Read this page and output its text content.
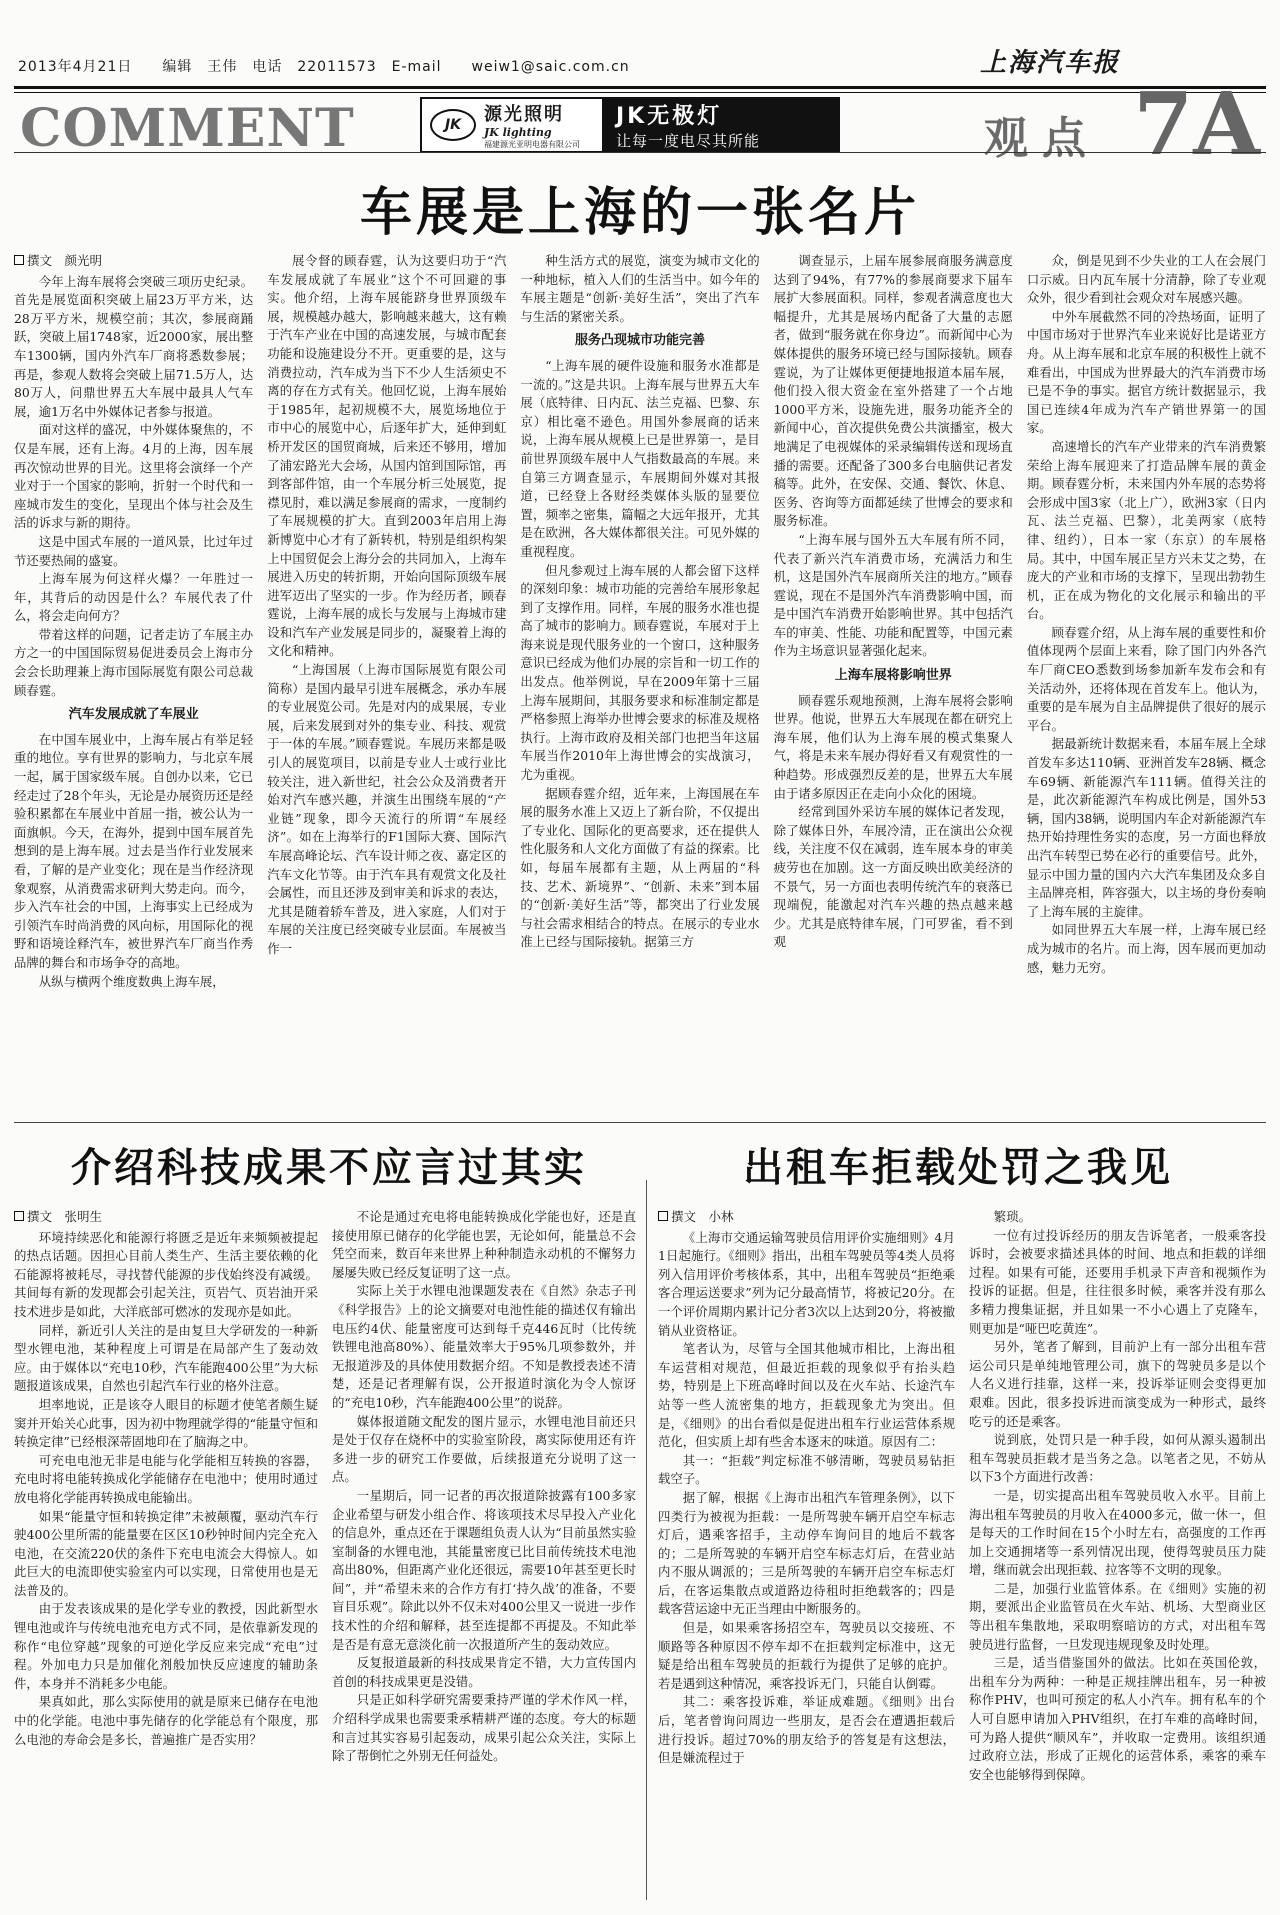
2013年4月21日　　编辑　王伟　电话　22011573　E-mail　　weiw1@saic.com.cn	上海汽车报
COMMENT	JK	源光照明
JK lighting
福建源光亚明电器有限公司
JK无极灯
让每一度电尽其所能	观点 7A
车展是上海的一张名片
介绍科技成果不应言过其实	出租车拒载处罚之我见
撰文　 颜光明

今年上海车展将会突破三项历史纪录。首先是展览面积突破上届23万平方米，达28万平方米，规模空前；其次，参展商踊跃，突破上届1748家，近2000家，展出整车1300辆，国内外汽车厂商将悉数参展；再是，参观人数将会突破上届71.5万人，达80万人，问鼎世界五大车展中最具人气车展，逾1万名中外媒体记者参与报道。

面对这样的盛况，中外媒体聚焦的，不仅是车展，还有上海。4月的上海，因车展再次惊动世界的目光。这里将会演绎一个产业对于一个国家的影响，折射一个时代和一座城市发生的变化，呈现出个体与社会及生活的诉求与新的期待。

这是中国式车展的一道风景，比过年过节还要热闹的盛宴。

上海车展为何这样火爆？一年胜过一年，其背后的动因是什么？车展代表了什么，将会走向何方？

带着这样的问题，记者走访了车展主办方之一的中国国际贸易促进委员会上海市分会会长助理兼上海市国际展览有限公司总裁顾春霆。

汽车发展成就了车展业

在中国车展业中，上海车展占有举足轻重的地位。享有世界的影响力，与北京车展一起，属于国家级车展。自创办以来，它已经走过了28个年头，无论是办展资历还是经验积累都在车展业中首屈一指，被公认为一面旗帜。今天，在海外，提到中国车展首先想到的是上海车展。过去是当作行业发展来看，了解的是产业变化；现在是当作经济现象观察，从消费需求研判大势走向。而今，步入汽车社会的中国，上海事实上已经成为引领汽车时尚消费的风向标，用国际化的视野和语境诠释汽车，被世界汽车厂商当作秀品牌的舞台和市场争夺的高地。

从纵与横两个维度数典上海车展，

展令督的顾春霆，认为这要归功于“汽车发展成就了车展业”这个不可回避的事实。他介绍，上海车展能跻身世界顶级车展，规模越办越大，影响越来越大，这有赖于汽车产业在中国的高速发展，与城市配套功能和设施建设分不开。更重要的是，这与消费拉动，汽车成为当下不少人生活须史不离的存在方式有关。他回忆说，上海车展始于1985年，起初规模不大，展览场地位于市中心的展览中心，后逐年扩大，延伸到虹桥开发区的国贸商城，后来还不够用，增加了浦宏路光大会场，从国内馆到国际馆，再到客部件馆，由一个车展分析三处展览，捉襟见肘，难以满足参展商的需求，一度制约了车展规模的扩大。直到2003年启用上海新博览中心才有了新转机，特别是组织构架上中国贸促会上海分会的共同加入，上海车展进入历史的转折期，开始向国际顶级车展进军迈出了坚实的一步。作为经历者，顾春霆说，上海车展的成长与发展与上海城市建设和汽车产业发展是同步的，凝聚着上海的文化和精神。

“上海国展（上海市国际展览有限公司简称）是国内最早引进车展概念，承办车展的专业展览公司。先是对内的成果展，专业展，后来发展到对外的集专业、科技、观赏于一体的车展。”顾春霆说。车展历来都是吸引人的展览项目，以前是专业人士或行业比较关注，进入新世纪，社会公众及消费者开始对汽车感兴趣，并演生出围绕车展的“产业链”现象，即今天流行的所谓“车展经济”。如在上海举行的F1国际大赛、国际汽车展高峰论坛、汽车设计师之夜、嘉定区的汽车文化节等。由于汽车具有观赏文化及社会属性，而且还涉及到审美和诉求的表达，尤其是随着轿车普及，进入家庭，人们对于车展的关注度已经突破专业层面。车展被当作一

种生活方式的展览，演变为城市文化的一种地标，植入人们的生活当中。如今年的车展主题是“创新·美好生活”，突出了汽车与生活的紧密关系。

服务凸现城市功能完善

“上海车展的硬件设施和服务水准都是一流的。”这是共识。上海车展与世界五大车展（底特律、日内瓦、法兰克福、巴黎、东京）相比毫不逊色。用国外参展商的话来说，上海车展从规模上已是世界第一，是目前世界顶级车展中人气指数最高的车展。来自第三方调查显示，车展期间外媒对其报道，已经登上各财经类媒体头版的显要位置，频率之密集，篇幅之大远年报开，尤其是在欧洲，各大媒体都很关注。可见外媒的重视程度。

但凡参观过上海车展的人都会留下这样的深刻印象：城市功能的完善给车展形象起到了支撑作用。同样，车展的服务水准也提高了城市的影响力。顾春霆说，车展对于上海来说是现代服务业的一个窗口，这种服务意识已经成为他们办展的宗旨和一切工作的出发点。他举例说，早在2009年第十三届上海车展期间，其服务要求和标准制定都是严格参照上海举办世博会要求的标准及规格执行。上海市政府及相关部门也把当年这届车展当作2010年上海世博会的实战演习，尤为重视。

据顾春霆介绍，近年来，上海国展在车展的服务水准上又迈上了新台阶，不仅提出了专业化、国际化的更高要求，还在提供人性化服务和人文化方面做了有益的探索。比如，每届车展都有主题，从上两届的“科技、艺术、新境界”、“创新、未来”到本届的“创新·美好生活”等，都突出了行业发展与社会需求相结合的特点。在展示的专业水准上已经与国际接轨。据第三方

调查显示，上届车展参展商服务满意度达到了94%，有77%的参展商要求下届车展扩大参展面积。同样，参观者满意度也大幅提升，尤其是展场内配备了大量的志愿者，做到“服务就在你身边”。而新闻中心为媒体提供的服务环境已经与国际接轨。顾春霆说，为了让媒体更便捷地报道本届车展，他们投入很大资金在室外搭建了一个占地1000平方米，设施先进，服务功能齐全的新闻中心，首次提供免费公共演播室，极大地满足了电视媒体的采录编辑传送和现场直播的需要。还配备了300多台电脑供记者发稿等。此外，在安保、交通、餐饮、休息、医务、咨询等方面都延续了世博会的要求和服务标准。

“上海车展与国外五大车展有所不同，代表了新兴汽车消费市场，充满活力和生机，这是国外汽车展商所关注的地方。”顾春霆说，现在不是国外汽车消费影响中国，而是中国汽车消费开始影响世界。其中包括汽车的审美、性能、功能和配置等，中国元素作为主场意识显著强化起来。

上海车展将影响世界

顾春霆乐观地预测，上海车展将会影响世界。他说，世界五大车展现在都在研究上海车展，他们认为上海车展的模式集聚人气，将是未来车展办得好看又有观赏性的一种趋势。形成强烈反差的是，世界五大车展由于诸多原因正在走向小众化的困境。

经常到国外采访车展的媒体记者发现，除了媒体日外，车展冷清，正在演出公众视线，关注度不仅在减弱，连车展本身的审美疲劳也在加剧。这一方面反映出欧美经济的不景气，另一方面也表明传统汽车的衰落已现端倪，能激起对汽车兴趣的热点越来越少。尤其是底特律车展，门可罗雀，看不到观

众，倒是见到不少失业的工人在会展门口示威。日内瓦车展十分清静，除了专业观众外，很少看到社会观众对车展感兴趣。

中外车展截然不同的冷热场面，证明了中国市场对于世界汽车业来说好比是诺亚方舟。从上海车展和北京车展的积极性上就不难看出，中国成为世界最大的汽车消费市场已是不争的事实。据官方统计数据显示，我国已连续4年成为汽车产销世界第一的国家。

高速增长的汽车产业带来的汽车消费繁荣给上海车展迎来了打造品牌车展的黄金期。顾春霆分析，未来国内外车展的态势将会形成中国3家（北上广），欧洲3家（日内瓦、法兰克福、巴黎），北美两家（底特律、纽约），日本一家（东京）的车展格局。其中，中国车展正呈方兴未艾之势，在庞大的产业和市场的支撑下，呈现出勃勃生机，正在成为物化的文化展示和输出的平台。

顾春霆介绍，从上海车展的重要性和价值体现两个层面上来看，除了国门内外各汽车厂商CEO悉数到场参加新车发布会和有关活动外，还将体现在首发车上。他认为，重要的是车展为自主品牌提供了很好的展示平台。

据最新统计数据来看，本届车展上全球首发车多达110辆、亚洲首发车28辆、概念车69辆、新能源汽车111辆。值得关注的是，此次新能源汽车构成比例是，国外53辆，国内38辆，说明国内车企对新能源汽车热开始持理性务实的态度，另一方面也释放出汽车转型已势在必行的重要信号。此外，显示中国力量的国内六大汽车集团及众多自主品牌亮相，阵容强大，以主场的身份奏响了上海车展的主旋律。

如同世界五大车展一样，上海车展已经成为城市的名片。而上海，因车展而更加动感，魅力无穷。

撰文　 张明生

环境持续恶化和能源行将匮乏是近年来频频被提起的热点话题。因担心目前人类生产、生活主要依赖的化石能源将被耗尽，寻找替代能源的步伐始终没有减缓。其间每有新的发现都会引起关注，页岩气、页岩油开采技术进步是如此，大洋底部可燃冰的发现亦是如此。

同样，新近引人关注的是由复旦大学研发的一种新型水锂电池，某种程度上可谓是在局部产生了轰动效应。由于媒体以“充电10秒，汽车能跑400公里”为大标题报道该成果，自然也引起汽车行业的格外注意。

坦率地说，正是该夺人眼目的标题才使笔者颇生疑窦并开始关心此事，因为初中物理就学得的“能量守恒和转换定律”已经根深蒂固地印在了脑海之中。

可充电电池无非是电能与化学能相互转换的容器，充电时将电能转换成化学能储存在电池中；使用时通过放电将化学能再转换成电能输出。

如果“能量守恒和转换定律”未被颠覆，驱动汽车行驶400公里所需的能量要在区区10秒钟时间内完全充入电池，在交流220伏的条件下充电电流会大得惊人。如此巨大的电流即使实验室内可以实现，日常使用也是无法普及的。

由于发表该成果的是化学专业的教授，因此新型水锂电池或许与传统电池充电方式不同，是依靠新发现的称作“电位穿越”现象的可逆化学反应来完成“充电”过程。外加电力只是加催化剂般加快反应速度的辅助条件，本身并不消耗多少电能。

果真如此，那么实际使用的就是原来已储存在电池中的化学能。电池中事先储存的化学能总有个限度，那么电池的寿命会是多长，普遍推广是否实用？

不论是通过充电将电能转换成化学能也好，还是直接使用原已储存的化学能也罢，无论如何，能量总不会凭空而来，数百年来世界上种种制造永动机的不懈努力屡屡失败已经反复证明了这一点。

实际上关于水锂电池课题发表在《自然》杂志子刊《科学报告》上的论文摘要对电池性能的描述仅有输出电压约4伏、能量密度可达到每千克446瓦时（比传统铁锂电池高80%）、能量效率大于95%几项参数外，并无报道涉及的具体使用数据介绍。不知是教授表述不清楚，还是记者理解有误，公开报道时演化为令人惊讶的“充电10秒，汽车能跑400公里”的说辞。

媒体报道随文配发的图片显示，水锂电池目前还只是处于仅存在烧杯中的实验室阶段，离实际使用还有许多进一步的研究工作要做，后续报道充分说明了这一点。

一星期后，同一记者的再次报道除披露有100多家企业希望与研发小组合作、将该项技术尽早投入产业化的信息外，重点还在于课题组负责人认为“目前虽然实验室制备的水锂电池，其能量密度已比目前传统技术电池高出80%，但距离产业化还很远，需要10年甚至更长时间”，并“希望未来的合作方有打‘持久战’的准备，不要盲目乐观”。除此以外不仅未对400公里又一说进一步作技术性的介绍和解释，甚至连提都不再提及。不知此举是否是有意无意淡化前一次报道所产生的轰动效应。

反复报道最新的科技成果肯定不错，大力宣传国内首创的科技成果更是没错。

只是正如科学研究需要秉持严谨的学术作风一样，介绍科学成果也需要秉承精耕严谨的态度。夸大的标题和言过其实容易引起轰动，成果引起公众关注，实际上除了帮倒忙之外别无任何益处。

撰文　 小林

《上海市交通运输驾驶员信用评价实施细则》4月1日起施行。《细则》指出，出租车驾驶员等4类人员将列入信用评价考核体系，其中，出租车驾驶员“拒绝乘客合理运送要求”列为记分最高情节，将被记20分。在一个评价周期内累计记分者3次以上达到20分，将被撤销从业资格证。

笔者认为，尽管与全国其他城市相比，上海出租车运营相对规范，但最近拒载的现象似乎有抬头趋势，特别是上下班高峰时间以及在火车站、长途汽车站等一些人流密集的地方，拒载现象尤为突出。但是，《细则》的出台看似是促进出租车行业运营体系规范化，但实质上却有些舍本逐末的味道。原因有二：

其一：“拒载”判定标准不够清晰，驾驶员易钻拒载空子。

据了解，根据《上海市出租汽车管理条例》，以下四类行为被视为拒载：一是所驾驶车辆开启空车标志灯后，遇乘客招手，主动停车询问目的地后不载客的；二是所驾驶的车辆开启空车标志灯后，在营业站内不服从调派的；三是所驾驶的车辆开启空车标志灯后，在客运集散点或道路边待租时拒绝载客的；四是载客营运途中无正当理由中断服务的。

但是，如果乘客扬招空车，驾驶员以交接班、不顺路等各种原因不停车却不在拒载判定标准中，这无疑是给出租车驾驶员的拒载行为提供了足够的庇护。若是遇到这种情况，乘客投诉无门，只能自认倒霉。

其二：乘客投诉难，举证成难题。《细则》出台后，笔者曾询问周边一些朋友，是否会在遭遇拒载后进行投诉。超过70%的朋友给予的答复是有这想法，但是嫌流程过于

繁琐。

一位有过投诉经历的朋友告诉笔者，一般乘客投诉时，会被要求描述具体的时间、地点和拒载的详细过程。如果有可能，还要用手机录下声音和视频作为投诉的证据。但是，往往很多时候，乘客并没有那么多精力搜集证据，并且如果一不小心遇上了克隆车，则更加是“哑巴吃黄连”。

另外，笔者了解到，目前沪上有一部分出租车营运公司只是单纯地管理公司，旗下的驾驶员多是以个人名义进行挂靠，这样一来，投诉举证则会变得更加艰难。因此，很多投诉进而演变成为一种形式，最终吃亏的还是乘客。

说到底，处罚只是一种手段，如何从源头遏制出租车驾驶员拒载才是当务之急。以笔者之见，不妨从以下3个方面进行改善：

一是，切实提高出租车驾驶员收入水平。目前上海出租车驾驶员的月收入在4000多元，做一休一，但是每天的工作时间在15个小时左右，高强度的工作再加上交通拥堵等一系列情况出现，使得驾驶员压力陡增，继而就会出现拒载、拉客等不文明的现象。

二是，加强行业监管体系。在《细则》实施的初期，要派出企业监管员在火车站、机场、大型商业区等出租车集散地，采取明察暗访的方式，对出租车驾驶员进行监督，一旦发现违规现象及时处理。

三是，适当借鉴国外的做法。比如在英国伦敦，出租车分为两种：一种是正规挂牌出租车，另一种被称作PHV，也叫可预定的私人小汽车。拥有私车的个人可自愿申请加入PHV组织，在打车难的高峰时间，可为路人提供“顺风车”，并收取一定费用。该组织通过政府立法，形成了正规化的运营体系，乘客的乘车安全也能够得到保障。
